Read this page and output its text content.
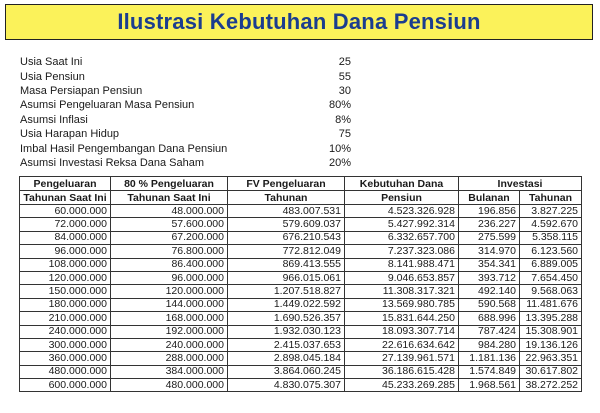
Ilustrasi Kebutuhan Dana Pensiun
Usia Saat Ini	25
Usia Pensiun	55
Masa Persiapan Pensiun	30
Asumsi Pengeluaran Masa Pensiun	80%
Asumsi Inflasi	8%
Usia Harapan Hidup	75
Imbal Hasil Pengembangan Dana Pensiun	10%
Asumsi Investasi Reksa Dana Saham	20%
Pengeluaran	80 % Pengeluaran	FV Pengeluaran	Kebutuhan Dana	Investasi	
Tahunan Saat Ini	Tahunan Saat Ini	Tahunan	Pensiun	Bulanan	Tahunan
60.000.000	48.000.000	483.007.531	4.523.326.928	196.856	3.827.225
72.000.000	57.600.000	579.609.037	5.427.992.314	236.227	4.592.670
84.000.000	67.200.000	676.210.543	6.332.657.700	275.599	5.358.115
96.000.000	76.800.000	772.812.049	7.237.323.086	314.970	6.123.560
108.000.000	86.400.000	869.413.555	8.141.988.471	354.341	6.889.005
120.000.000	96.000.000	966.015.061	9.046.653.857	393.712	7.654.450
150.000.000	120.000.000	1.207.518.827	11.308.317.321	492.140	9.568.063
180.000.000	144.000.000	1.449.022.592	13.569.980.785	590.568	11.481.676
210.000.000	168.000.000	1.690.526.357	15.831.644.250	688.996	13.395.288
240.000.000	192.000.000	1.932.030.123	18.093.307.714	787.424	15.308.901
300.000.000	240.000.000	2.415.037.653	22.616.634.642	984.280	19.136.126
360.000.000	288.000.000	2.898.045.184	27.139.961.571	1.181.136	22.963.351
480.000.000	384.000.000	3.864.060.245	36.186.615.428	1.574.849	30.617.802
600.000.000	480.000.000	4.830.075.307	45.233.269.285	1.968.561	38.272.252
